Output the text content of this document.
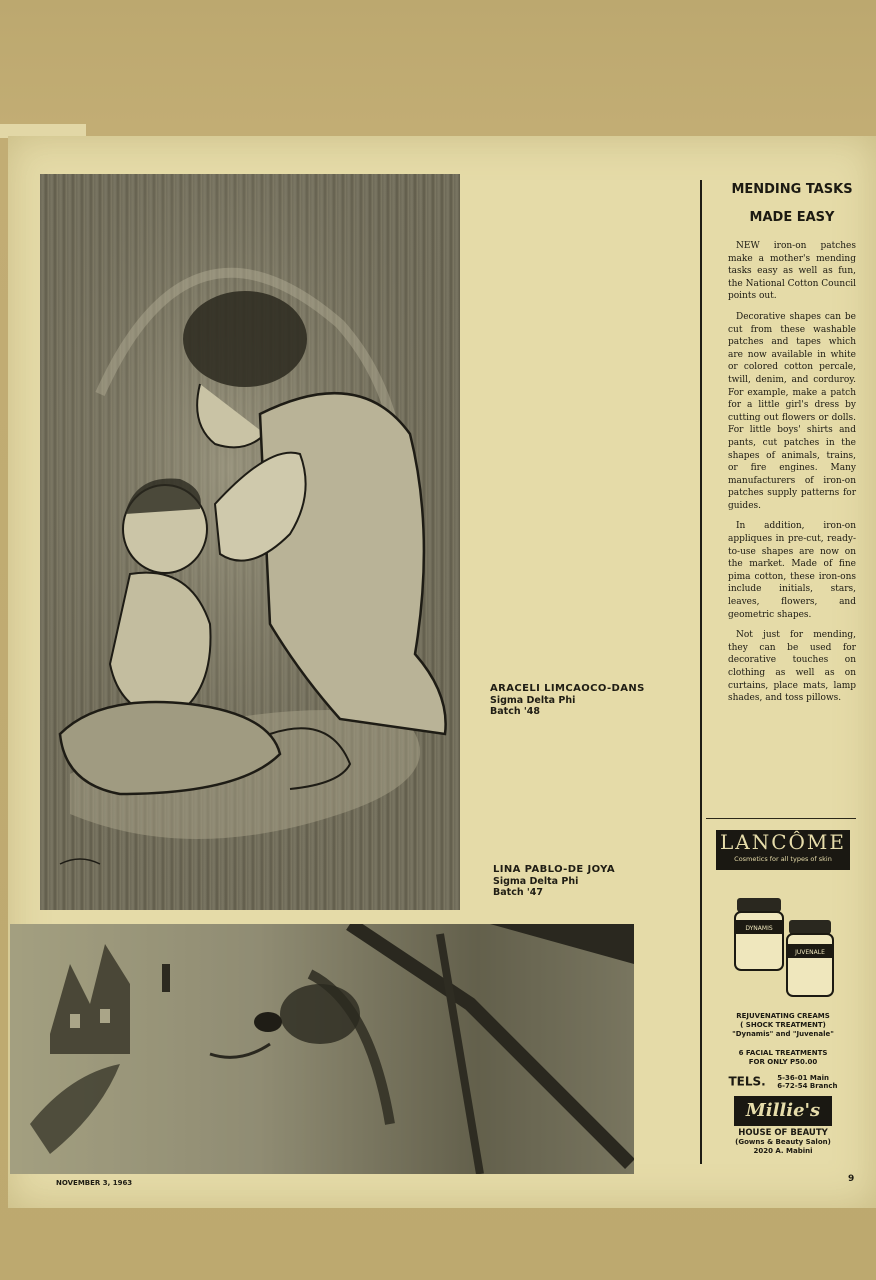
ARACELI LIMCAOCO-DANS
Sigma Delta Phi
Batch '48
LINA PABLO-DE JOYA
Sigma Delta Phi
Batch '47
MENDING TASKS
MADE EASY

NEW iron-on patches make a mother's mending tasks easy as well as fun, the National Cotton Council points out.

Decorative shapes can be cut from these washable patches and tapes which are now available in white or colored cotton percale, twill, denim, and corduroy. For example, make a patch for a little girl's dress by cutting out flowers or dolls. For little boys' shirts and pants, cut patches in the shapes of animals, trains, or fire engines. Many manufacturers of iron-on patches supply patterns for guides.

In addition, iron-on appliques in pre-cut, ready-to-use shapes are now on the market. Made of fine pima cotton, these iron-ons include initials, stars, leaves, flowers, and geometric shapes.

Not just for mending, they can be used for decorative touches on clothing as well as on curtains, place mats, lamp shades, and toss pillows.

LANCÔME
Cosmetics for all types of skin
DYNAMIS
JUVENALE
REJUVENATING CREAMS
( SHOCK TREATMENT)
"Dynamis" and "Juvenale"
6 FACIAL TREATMENTS
FOR ONLY P50.00
TELS. 5-36-01 Main
6-72-54 Branch
Millie's
HOUSE OF BEAUTY
(Gowns & Beauty Salon)
2020 A. Mabini
NOVEMBER 3, 1963	9
